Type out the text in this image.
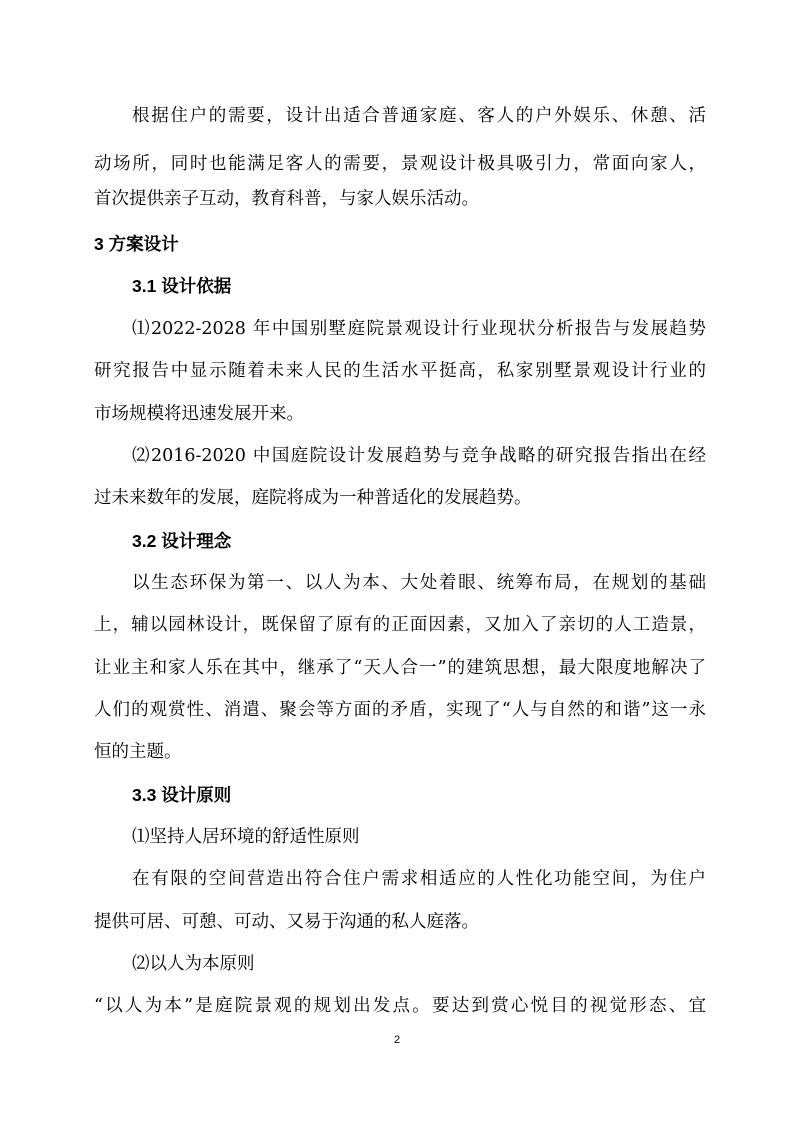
根据住户的需要，设计出适合普通家庭、客人的户外娱乐、休憩、活
动场所，同时也能满足客人的需要，景观设计极具吸引力，常面向家人，
首次提供亲子互动，教育科普，与家人娱乐活动。
3 方案设计
3.1 设计依据
⑴2022-2028 年中国别墅庭院景观设计行业现状分析报告与发展趋势
研究报告中显示随着未来人民的生活水平挺高，私家别墅景观设计行业的
市场规模将迅速发展开来。
⑵2016-2020 中国庭院设计发展趋势与竞争战略的研究报告指出在经
过未来数年的发展，庭院将成为一种普适化的发展趋势。
3.2 设计理念
以生态环保为第一、以人为本、大处着眼、统筹布局，在规划的基础
上，辅以园林设计，既保留了原有的正面因素，又加入了亲切的人工造景，
让业主和家人乐在其中，继承了“天人合一”的建筑思想，最大限度地解决了
人们的观赏性、消遣、聚会等方面的矛盾，实现了“人与自然的和谐”这一永
恒的主题。
3.3 设计原则
⑴坚持人居环境的舒适性原则
在有限的空间营造出符合住户需求相适应的人性化功能空间，为住户
提供可居、可憩、可动、又易于沟通的私人庭落。
⑵以人为本原则
“以人为本”是庭院景观的规划出发点。要达到赏心悦目的视觉形态、宜
2
